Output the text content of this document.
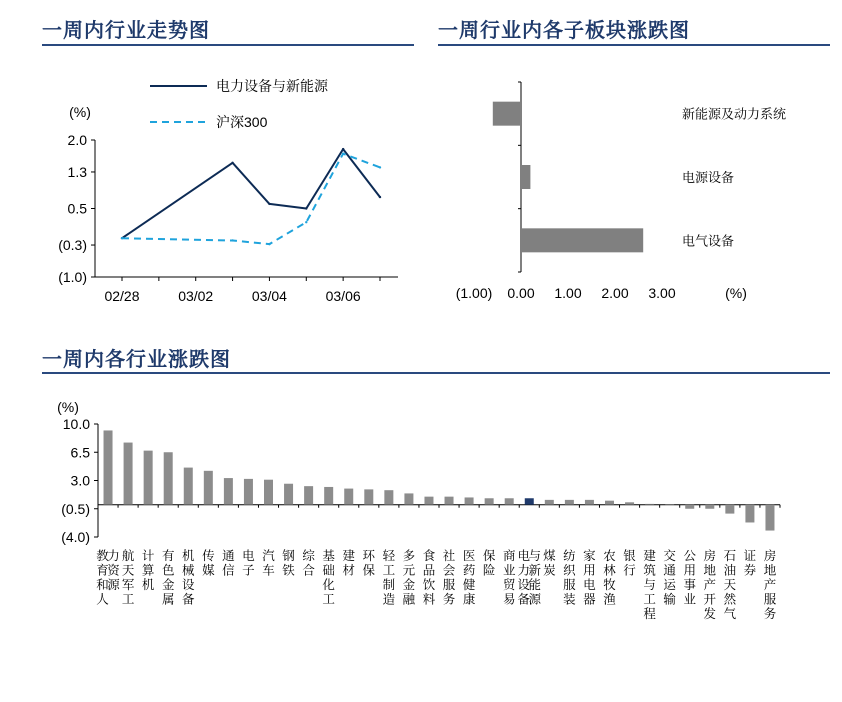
一周内行业走势图	一周行业内各子板块涨跌图
一周内各行业涨跌图
(%)
2.0
1.3
0.5
(0.3)
(1.0)
02/28	03/02	03/04	03/06
电力设备与新能源
沪深300	新能源及动力系统
电源设备
电气设备
(1.00) 0.00 1.00 2.00 3.00	(%)
(%)
10.0
6.5
3.0
(0.5)
(4.0)
教
育
和
人
力
资
源
航
天
军
工
计
算
机
有
色
金
属
机
械
设
备
传
媒
通
信
电
子
汽
车
钢
铁
综
合
基
础
化
工
建
材
环
保
轻
工
制
造
多
元
金
融
食
品
饮
料
社
会
服
务
医
药
健
康
保
险
商
业
贸
易
电
力
设
备
与
新
能
源
煤
炭
纺
织
服
装
家
用
电
器
农
林
牧
渔
银
行
建
筑
与
工
程
交
通
运
输
公
用
事
业
房
地
产
开
发
石
油
天
然
气
证
券
房
地
产
服
务
